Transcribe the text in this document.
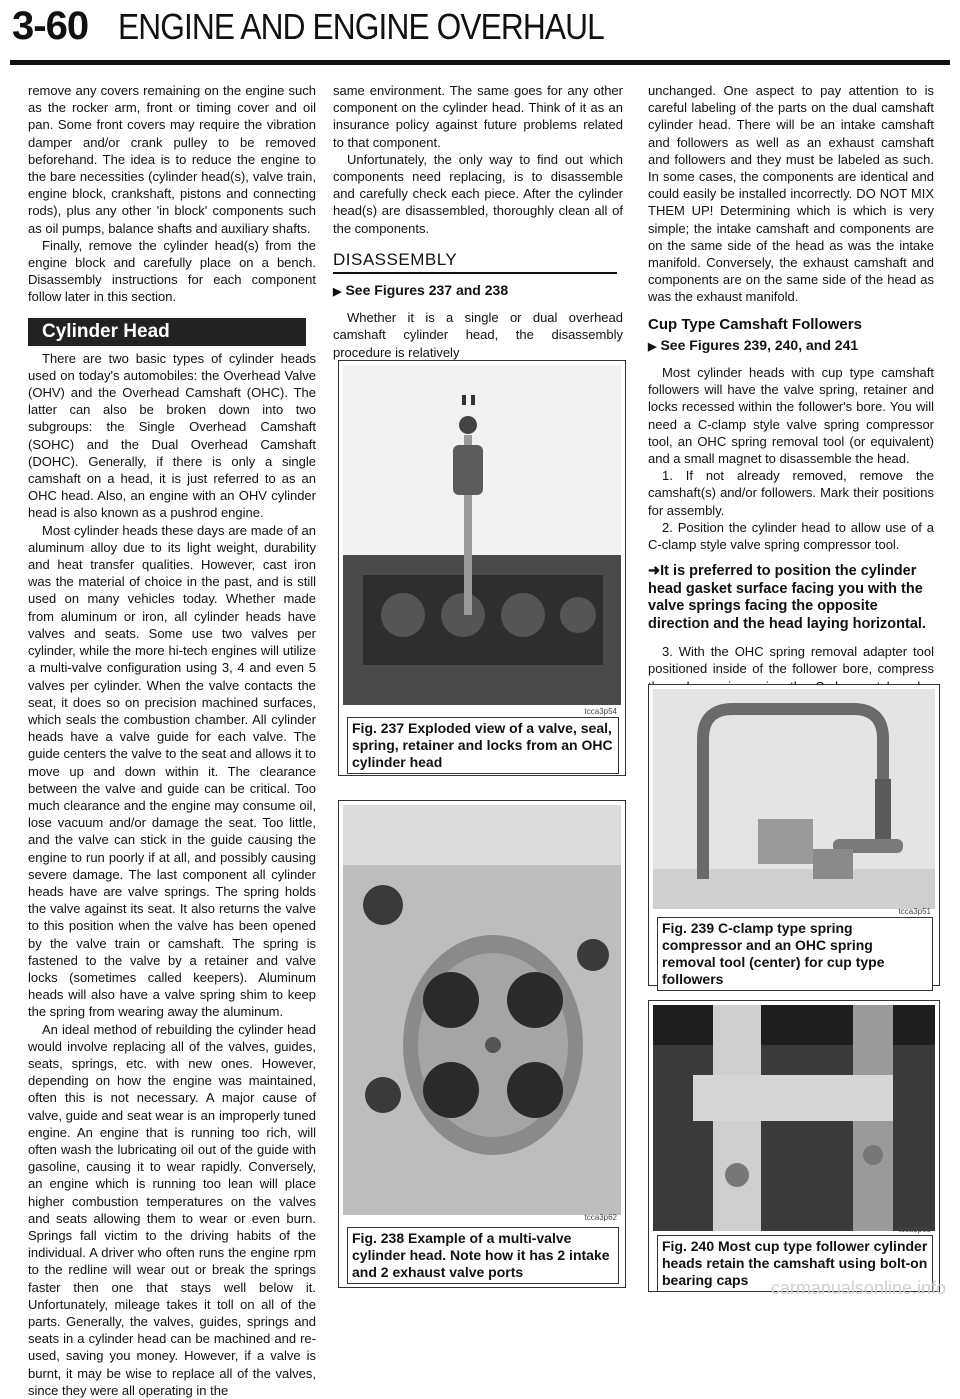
3-60 ENGINE AND ENGINE OVERHAUL

remove any covers remaining on the engine such as the rocker arm, front or timing cover and oil pan. Some front covers may require the vibration damper and/or crank pulley to be removed beforehand. The idea is to reduce the engine to the bare necessities (cylinder head(s), valve train, engine block, crankshaft, pistons and connecting rods), plus any other 'in block' components such as oil pumps, balance shafts and auxiliary shafts.

Finally, remove the cylinder head(s) from the engine block and carefully place on a bench. Disassembly instructions for each component follow later in this section.

There are two basic types of cylinder heads used on today's automobiles: the Overhead Valve (OHV) and the Overhead Camshaft (OHC). The latter can also be broken down into two subgroups: the Single Overhead Camshaft (SOHC) and the Dual Overhead Camshaft (DOHC). Generally, if there is only a single camshaft on a head, it is just referred to as an OHC head. Also, an engine with an OHV cylinder head is also known as a pushrod engine.

Most cylinder heads these days are made of an aluminum alloy due to its light weight, durability and heat transfer qualities. However, cast iron was the material of choice in the past, and is still used on many vehicles today. Whether made from aluminum or iron, all cylinder heads have valves and seats. Some use two valves per cylinder, while the more hi-tech engines will utilize a multi-valve configuration using 3, 4 and even 5 valves per cylinder. When the valve contacts the seat, it does so on precision machined surfaces, which seals the combustion chamber. All cylinder heads have a valve guide for each valve. The guide centers the valve to the seat and allows it to move up and down within it. The clearance between the valve and guide can be critical. Too much clearance and the engine may consume oil, lose vacuum and/or damage the seat. Too little, and the valve can stick in the guide causing the engine to run poorly if at all, and possibly causing severe damage. The last component all cylinder heads have are valve springs. The spring holds the valve against its seat. It also returns the valve to this position when the valve has been opened by the valve train or camshaft. The spring is fastened to the valve by a retainer and valve locks (sometimes called keepers). Aluminum heads will also have a valve spring shim to keep the spring from wearing away the aluminum.

An ideal method of rebuilding the cylinder head would involve replacing all of the valves, guides, seats, springs, etc. with new ones. However, depending on how the engine was maintained, often this is not necessary. A major cause of valve, guide and seat wear is an improperly tuned engine. An engine that is running too rich, will often wash the lubricating oil out of the guide with gasoline, causing it to wear rapidly. Conversely, an engine which is running too lean will place higher combustion temperatures on the valves and seats allowing them to wear or even burn. Springs fall victim to the driving habits of the individual. A driver who often runs the engine rpm to the redline will wear out or break the springs faster then one that stays well below it. Unfortunately, mileage takes it toll on all of the parts. Generally, the valves, guides, springs and seats in a cylinder head can be machined and re-used, saving you money. However, if a valve is burnt, it may be wise to replace all of the valves, since they were all operating in the

Cylinder Head

same environment. The same goes for any other component on the cylinder head. Think of it as an insurance policy against future problems related to that component.

Unfortunately, the only way to find out which components need replacing, is to disassemble and carefully check each piece. After the cylinder head(s) are disassembled, thoroughly clean all of the components.

DISASSEMBLY
▶ See Figures 237 and 238

Whether it is a single or dual overhead camshaft cylinder head, the disassembly procedure is relatively

unchanged. One aspect to pay attention to is careful labeling of the parts on the dual camshaft cylinder head. There will be an intake camshaft and followers as well as an exhaust camshaft and followers and they must be labeled as such. In some cases, the components are identical and could easily be installed incorrectly. DO NOT MIX THEM UP! Determining which is which is very simple; the intake camshaft and components are on the same side of the head as was the intake manifold. Conversely, the exhaust camshaft and components are on the same side of the head as was the exhaust manifold.

Cup Type Camshaft Followers
▶ See Figures 239, 240, and 241

Most cylinder heads with cup type camshaft followers will have the valve spring, retainer and locks recessed within the follower's bore. You will need a C-clamp style valve spring compressor tool, an OHC spring removal tool (or equivalent) and a small magnet to disassemble the head.

1. If not already removed, remove the camshaft(s) and/or followers. Mark their positions for assembly.

2. Position the cylinder head to allow use of a C-clamp style valve spring compressor tool.

➜It is preferred to position the cylinder head gasket surface facing you with the valve springs facing the opposite direction and the head laying horizontal.

3. With the OHC spring removal adapter tool positioned inside of the follower bore, compress

tcca3p54
Fig. 237 Exploded view of a valve, seal, spring, retainer and locks from an OHC cylinder head
tcca3p62
Fig. 238 Example of a multi-valve cylinder head. Note how it has 2 intake and 2 exhaust valve ports
tcca3p51
Fig. 239 C-clamp type spring compressor and an OHC spring removal tool (center) for cup type followers
tcca3p63
Fig. 240 Most cup type follower cylinder heads retain the camshaft using bolt-on bearing caps	carmanualsonline.info
